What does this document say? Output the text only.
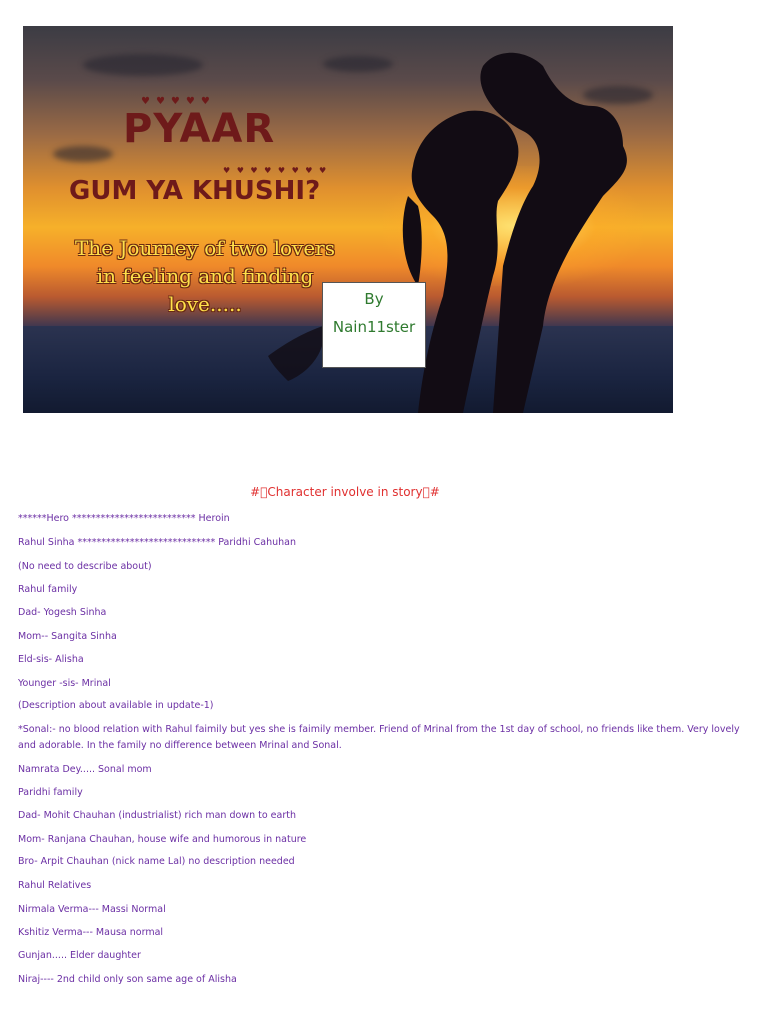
♥♥♥♥♥
PYAAR
♥ ♥ ♥ ♥ ♥ ♥ ♥ ♥
GUM YA KHUSHI?
The Journey of two lovers
in feeling and finding
love.....	By
Nain11ster
# Character involve in story #
******Hero ************************** Heroin
Rahul Sinha ***************************** Paridhi Cahuhan
(No need to describe about)
Rahul family
Dad- Yogesh Sinha
Mom-- Sangita Sinha
Eld-sis- Alisha
Younger -sis- Mrinal
(Description about available in update-1)
*Sonal:- no blood relation with Rahul faimily but yes she is faimily member. Friend of Mrinal from the 1st day of school, no friends like them. Very lovely and adorable. In the family no difference between Mrinal and Sonal.
Namrata Dey..... Sonal mom
Paridhi family
Dad- Mohit Chauhan (industrialist) rich man down to earth
Mom- Ranjana Chauhan, house wife and humorous in nature
Bro- Arpit Chauhan (nick name Lal) no description needed
Rahul Relatives
Nirmala Verma--- Massi Normal
Kshitiz Verma--- Mausa normal
Gunjan..... Elder daughter
Niraj---- 2nd child only son same age of Alisha
